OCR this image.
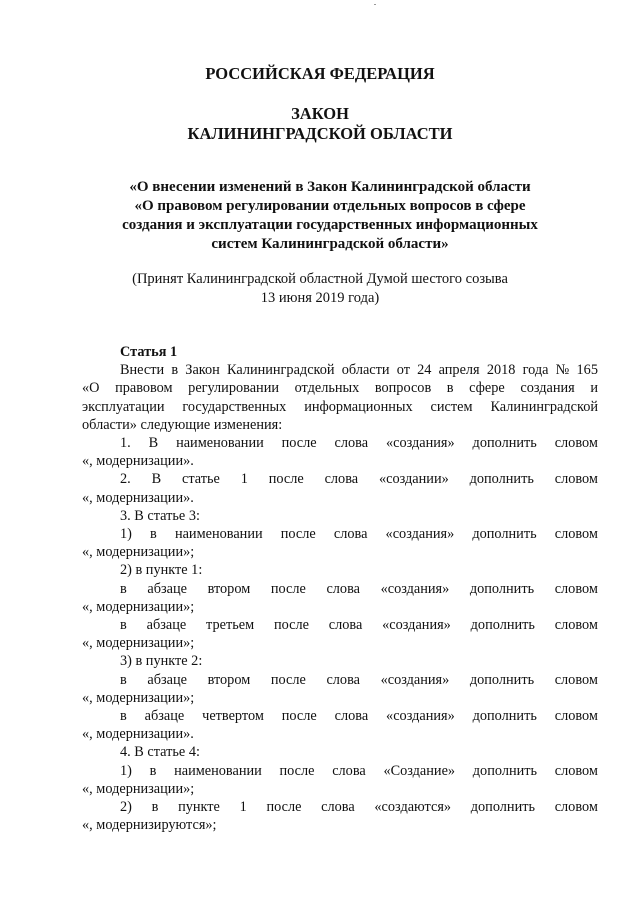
РОССИЙСКАЯ ФЕДЕРАЦИЯ
ЗАКОН
КАЛИНИНГРАДСКОЙ ОБЛАСТИ
«О внесении изменений в Закон Калининградской области
«О правовом регулировании отдельных вопросов в сфере
создания и эксплуатации государственных информационных
систем Калининградской области»
(Принят Калининградской областной Думой шестого созыва
13 июня 2019 года)
Статья 1
Внести в Закон Калининградской области от 24 апреля 2018 года № 165
«О правовом регулировании отдельных вопросов в сфере создания и
эксплуатации государственных информационных систем Калининградской
области» следующие изменения:
1. В наименовании после слова «создания» дополнить словом
«, модернизации».
2. В статье 1 после слова «создании» дополнить словом
«, модернизации».
3. В статье 3:
1) в наименовании после слова «создания» дополнить словом
«, модернизации»;
2) в пункте 1:
в абзаце втором после слова «создания» дополнить словом
«, модернизации»;
в абзаце третьем после слова «создания» дополнить словом
«, модернизации»;
3) в пункте 2:
в абзаце втором после слова «создания» дополнить словом
«, модернизации»;
в абзаце четвертом после слова «создания» дополнить словом
«, модернизации».
4. В статье 4:
1) в наименовании после слова «Создание» дополнить словом
«, модернизации»;
2) в пункте 1 после слова «создаются» дополнить словом
«, модернизируются»;
